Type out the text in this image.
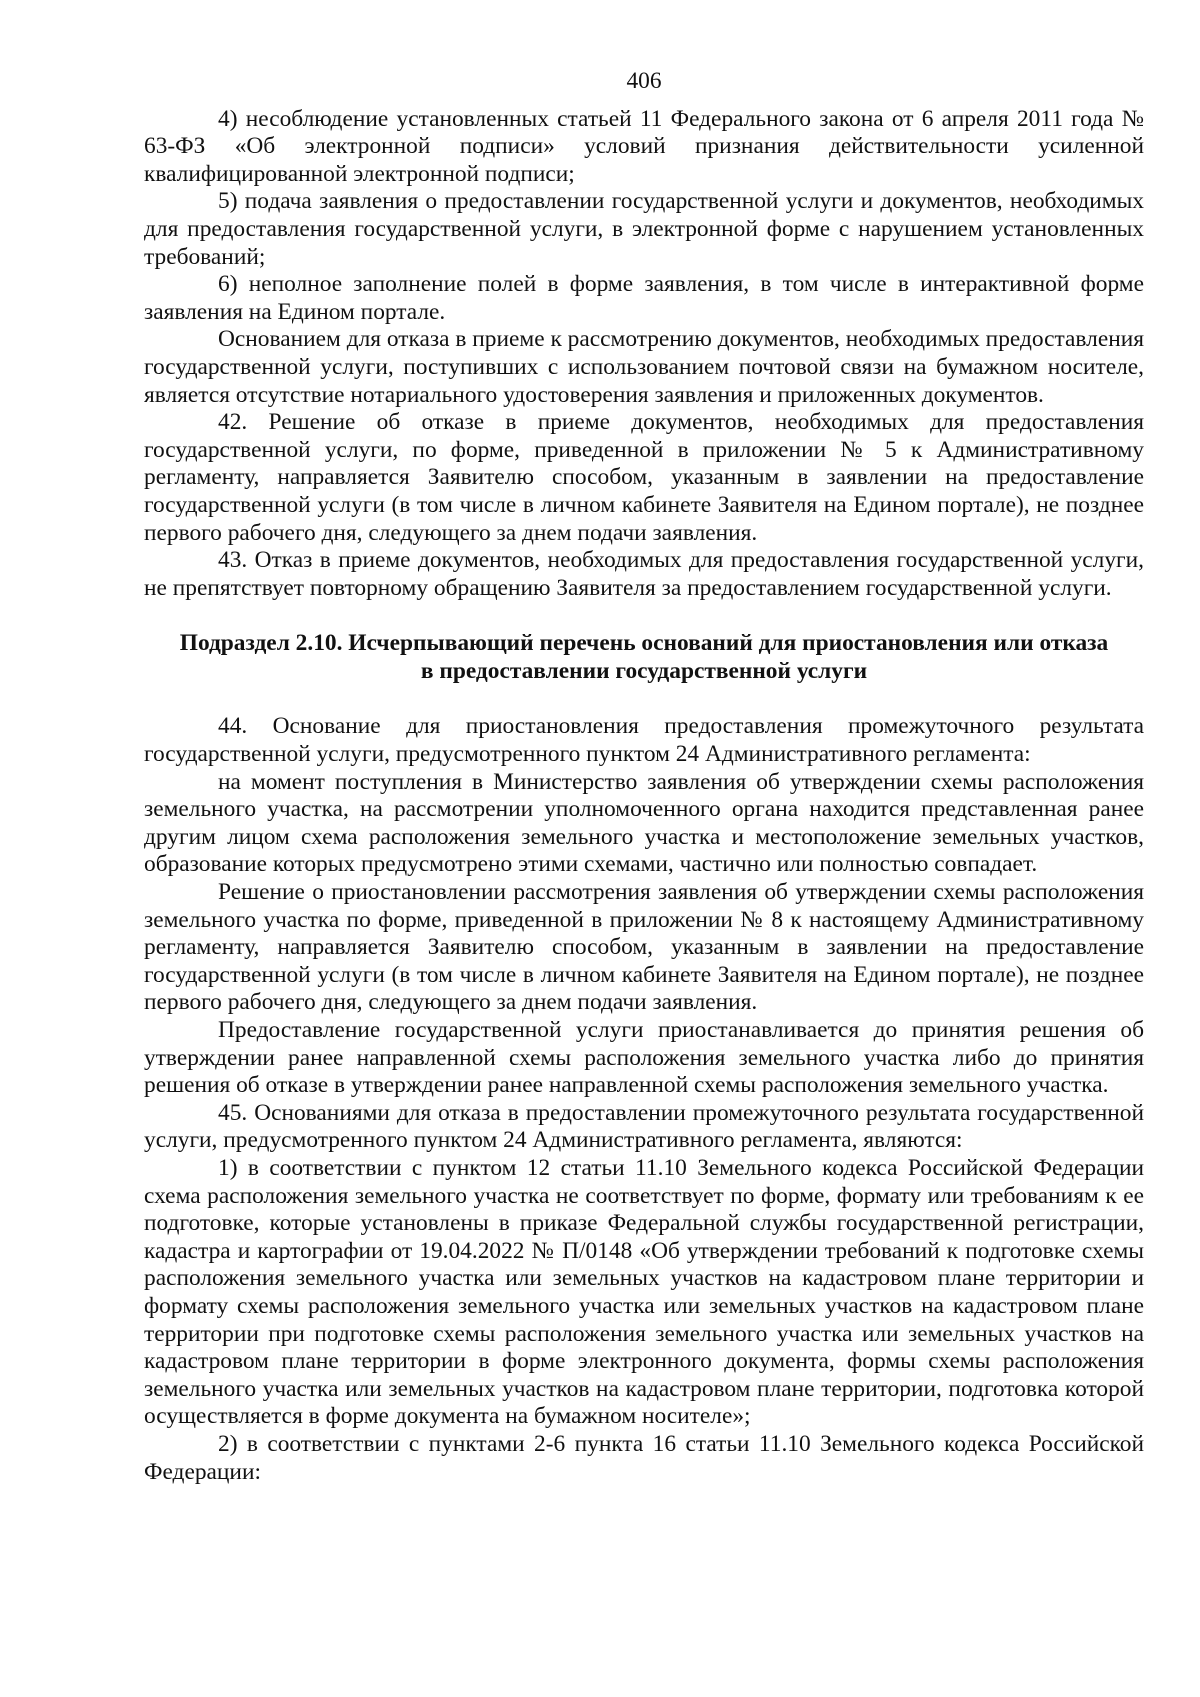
406

4) несоблюдение установленных статьей 11 Федерального закона от 6 апреля 2011 года № 63-ФЗ «Об электронной подписи» условий признания действительности усиленной квалифицированной электронной подписи;

5) подача заявления о предоставлении государственной услуги и документов, необходимых для предоставления государственной услуги, в электронной форме с нарушением установленных требований;

6) неполное заполнение полей в форме заявления, в том числе в интерактивной форме заявления на Едином портале.

Основанием для отказа в приеме к рассмотрению документов, необходимых предоставления государственной услуги, поступивших с использованием почтовой связи на бумажном носителе, является отсутствие нотариального удостоверения заявления и приложенных документов.

42. Решение об отказе в приеме документов, необходимых для предоставления государственной услуги, по форме, приведенной в приложении № 5 к Административному регламенту, направляется Заявителю способом, указанным в заявлении на предоставление государственной услуги (в том числе в личном кабинете Заявителя на Едином портале), не позднее первого рабочего дня, следующего за днем подачи заявления.

43. Отказ в приеме документов, необходимых для предоставления государственной услуги, не препятствует повторному обращению Заявителя за предоставлением государственной услуги.

Подраздел 2.10. Исчерпывающий перечень оснований для приостановления или отказа
в предоставлении государственной услуги

44. Основание для приостановления предоставления промежуточного результата государственной услуги, предусмотренного пунктом 24 Административного регламента:

на момент поступления в Министерство заявления об утверждении схемы расположения земельного участка, на рассмотрении уполномоченного органа находится представленная ранее другим лицом схема расположения земельного участка и местоположение земельных участков, образование которых предусмотрено этими схемами, частично или полностью совпадает.

Решение о приостановлении рассмотрения заявления об утверждении схемы расположения земельного участка по форме, приведенной в приложении № 8 к настоящему Административному регламенту, направляется Заявителю способом, указанным в заявлении на предоставление государственной услуги (в том числе в личном кабинете Заявителя на Едином портале), не позднее первого рабочего дня, следующего за днем подачи заявления.

Предоставление государственной услуги приостанавливается до принятия решения об утверждении ранее направленной схемы расположения земельного участка либо до принятия решения об отказе в утверждении ранее направленной схемы расположения земельного участка.

45. Основаниями для отказа в предоставлении промежуточного результата государственной услуги, предусмотренного пунктом 24 Административного регламента, являются:

1) в соответствии с пунктом 12 статьи 11.10 Земельного кодекса Российской Федерации схема расположения земельного участка не соответствует по форме, формату или требованиям к ее подготовке, которые установлены в приказе Федеральной службы государственной регистрации, кадастра и картографии от 19.04.2022 № П/0148 «Об утверждении требований к подготовке схемы расположения земельного участка или земельных участков на кадастровом плане территории и формату схемы расположения земельного участка или земельных участков на кадастровом плане территории при подготовке схемы расположения земельного участка или земельных участков на кадастровом плане территории в форме электронного документа, формы схемы расположения земельного участка или земельных участков на кадастровом плане территории, подготовка которой осуществляется в форме документа на бумажном носителе»;

2) в соответствии с пунктами 2-6 пункта 16 статьи 11.10 Земельного кодекса Российской Федерации:
